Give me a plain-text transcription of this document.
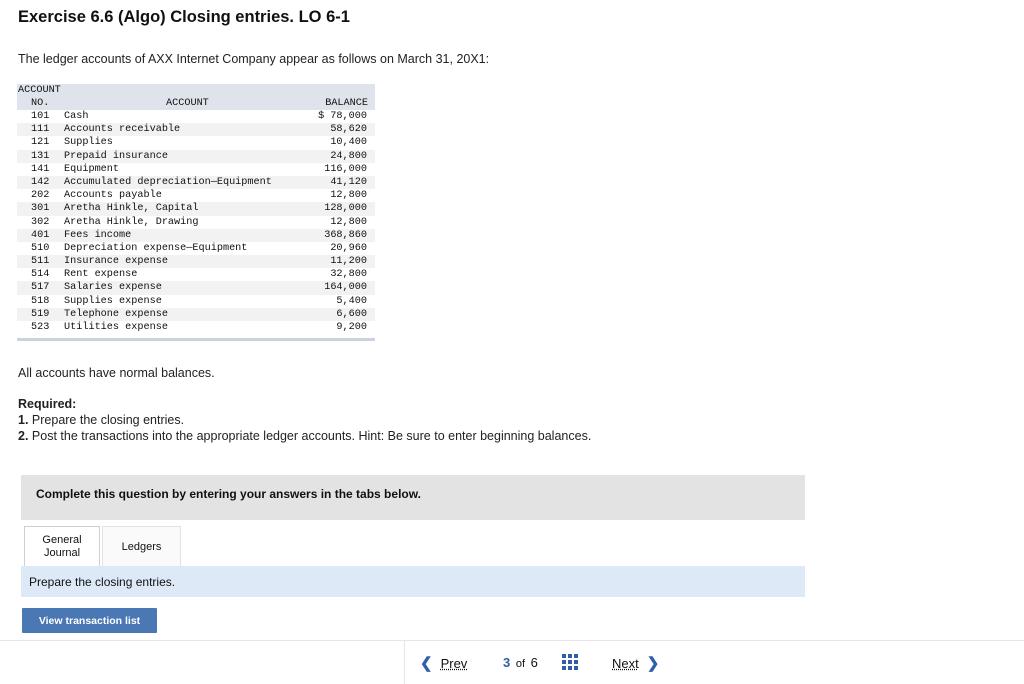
Exercise 6.6 (Algo) Closing entries. LO 6-1
The ledger accounts of AXX Internet Company appear as follows on March 31, 20X1:
ACCOUNT
NO.	ACCOUNT	BALANCE
101 Cash	$ 78,000
111 Accounts receivable	58,620
121 Supplies	10,400
131 Prepaid insurance	24,800
141 Equipment	116,000
142 Accumulated depreciation—Equipment	41,120
202 Accounts payable	12,800
301 Aretha Hinkle, Capital	128,000
302 Aretha Hinkle, Drawing	12,800
401 Fees income	368,860
510 Depreciation expense—Equipment	20,960
511 Insurance expense	11,200
514 Rent expense	32,800
517 Salaries expense	164,000
518 Supplies expense	5,400
519 Telephone expense	6,600
523 Utilities expense	9,200
All accounts have normal balances.
Required:
1. Prepare the closing entries.
2. Post the transactions into the appropriate ledger accounts. Hint: Be sure to enter beginning balances.
Complete this question by entering your answers in the tabs below.
General Journal	Ledgers
Prepare the closing entries.
View transaction list
❮ Prev	3 of 6	Next ❯
